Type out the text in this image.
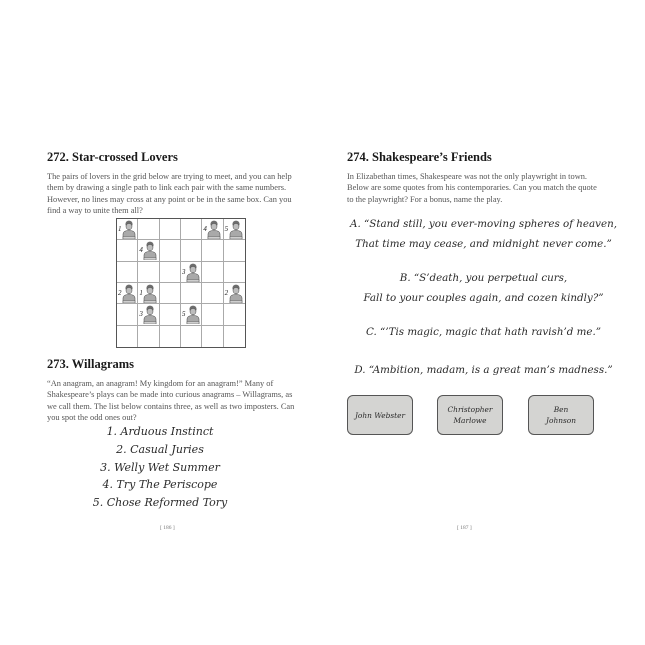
272. Star-crossed Lovers

The pairs of lovers in the grid below are trying to meet, and you can help them by drawing a single path to link each pair with the same numbers. However, no lines may cross at any point or be in the same box. Can you find a way to unite them all?

1	4	5
4
3
2	1	2
3	5
273. Willagrams

“An anagram, an anagram! My kingdom for an anagram!” Many of Shakespeare’s plays can be made into curious anagrams – Willagrams, as we call them. The list below contains three, as well as two imposters. Can you spot the odd ones out?

1. Arduous Instinct
2. Casual Juries
3. Welly Wet Summer
4. Try The Periscope
5. Chose Reformed Tory
[ 186 ]
274. Shakespeare’s Friends

In Elizabethan times, Shakespeare was not the only playwright in town. Below are some quotes from his contemporaries. Can you match the quote to the playwright? For a bonus, name the play.

A. “Stand still, you ever-moving spheres of heaven,
That time may cease, and midnight never come.”
B. “S’death, you perpetual curs,
Fall to your couples again, and cozen kindly?”
C. “’Tis magic, magic that hath ravish’d me.”
D. “Ambition, madam, is a great man’s madness.”
John Webster
Christopher
Marlowe
Ben
Johnson
[ 187 ]
